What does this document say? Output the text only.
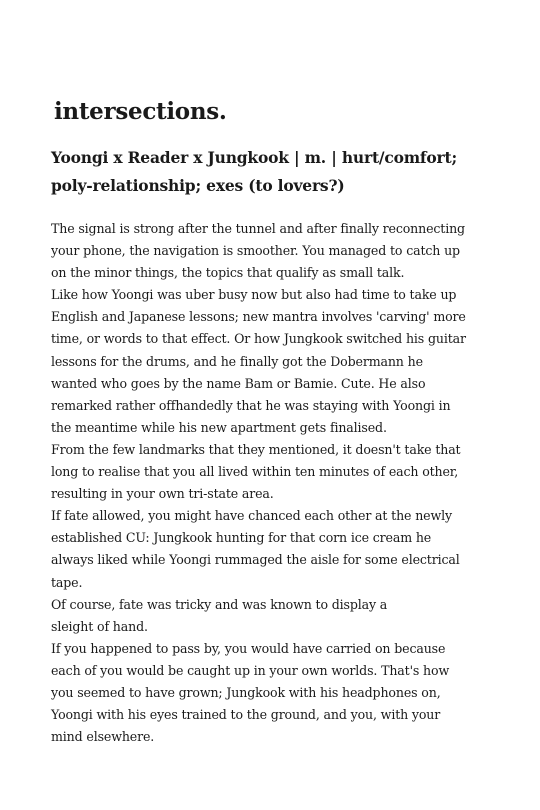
intersections.
Yoongi x Reader x Jungkook | m. | hurt/comfort;
poly-relationship; exes (to lovers?)
The signal is strong after the tunnel and after finally reconnecting
your phone, the navigation is smoother. You managed to catch up
on the minor things, the topics that qualify as small talk.
Like how Yoongi was uber busy now but also had time to take up
English and Japanese lessons; new mantra involves 'carving' more
time, or words to that effect. Or how Jungkook switched his guitar
lessons for the drums, and he finally got the Dobermann he
wanted who goes by the name Bam or Bamie. Cute. He also
remarked rather offhandedly that he was staying with Yoongi in
the meantime while his new apartment gets finalised.
From the few landmarks that they mentioned, it doesn't take that
long to realise that you all lived within ten minutes of each other,
resulting in your own tri-state area.
If fate allowed, you might have chanced each other at the newly
established CU: Jungkook hunting for that corn ice cream he
always liked while Yoongi rummaged the aisle for some electrical
tape.
Of course, fate was tricky and was known to display a
sleight of hand.
If you happened to pass by, you would have carried on because
each of you would be caught up in your own worlds. That's how
you seemed to have grown; Jungkook with his headphones on,
Yoongi with his eyes trained to the ground, and you, with your
mind elsewhere.
